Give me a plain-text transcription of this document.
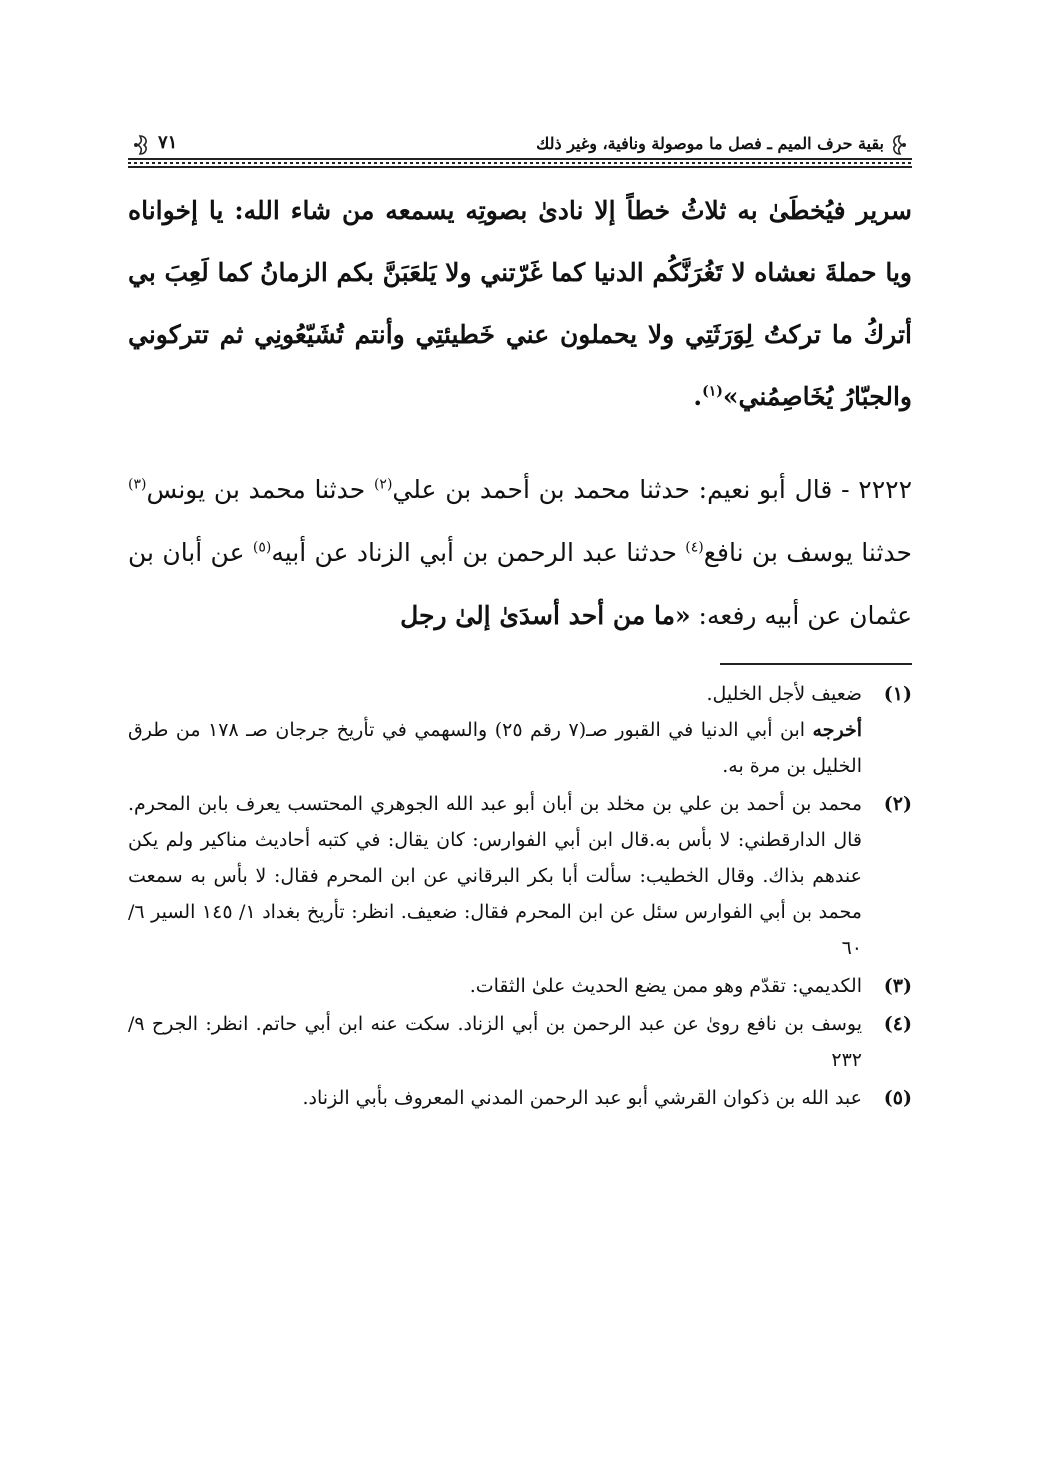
بقية حرف الميم ـ فصل ما موصولة ونافية، وغير ذلك
٧١

سرير فيُخطَىٰ به ثلاثُ خطاً إلا نادىٰ بصوتِه يسمعه من شاء الله: يا إخواناه ويا حملةَ نعشاه لا تَغُرَنَّكُم الدنيا كما غَرّتني ولا يَلعَبَنَّ بكم الزمانُ كما لَعِبَ بي أتركُ ما تركتُ لِوَرَثَتِي ولا يحملون عني خَطيئتِي وأنتم تُشَيّعُونِي ثم تتركوني والجبّارُ يُخَاصِمُني»$^{(١)}$.

٢٢٢٢ - قال أبو نعيم: حدثنا محمد بن أحمد بن علي$^{(٢)}$ حدثنا محمد بن يونس$^{(٣)}$ حدثنا يوسف بن نافع$^{(٤)}$ حدثنا عبد الرحمن بن أبي الزناد عن أبيه$^{(٥)}$ عن أبان بن عثمان عن أبيه رفعه: «ما من أحد أسدَىٰ إلىٰ رجل

(١)
ضعيف لأجل الخليل.
أخرجه ابن أبي الدنيا في القبور صـ(٧ رقم ٢٥) والسهمي في تأريخ جرجان صـ ١٧٨ من طرق الخليل بن مرة به.
(٢)
محمد بن أحمد بن علي بن مخلد بن أبان أبو عبد الله الجوهري المحتسب يعرف بابن المحرم. قال الدارقطني: لا بأس به.قال ابن أبي الفوارس: كان يقال: في كتبه أحاديث مناكير ولم يكن عندهم بذاك. وقال الخطيب: سألت أبا بكر البرقاني عن ابن المحرم فقال: لا بأس به سمعت محمد بن أبي الفوارس سئل عن ابن المحرم فقال: ضعيف. انظر: تأريخ بغداد ١/ ١٤٥ السير ٦/ ٦٠
(٣)
الكديمي: تقدّم وهو ممن يضع الحديث علىٰ الثقات.
(٤)
يوسف بن نافع روىٰ عن عبد الرحمن بن أبي الزناد. سكت عنه ابن أبي حاتم. انظر: الجرح ٩/ ٢٣٢
(٥)
عبد الله بن ذكوان القرشي أبو عبد الرحمن المدني المعروف بأبي الزناد.
